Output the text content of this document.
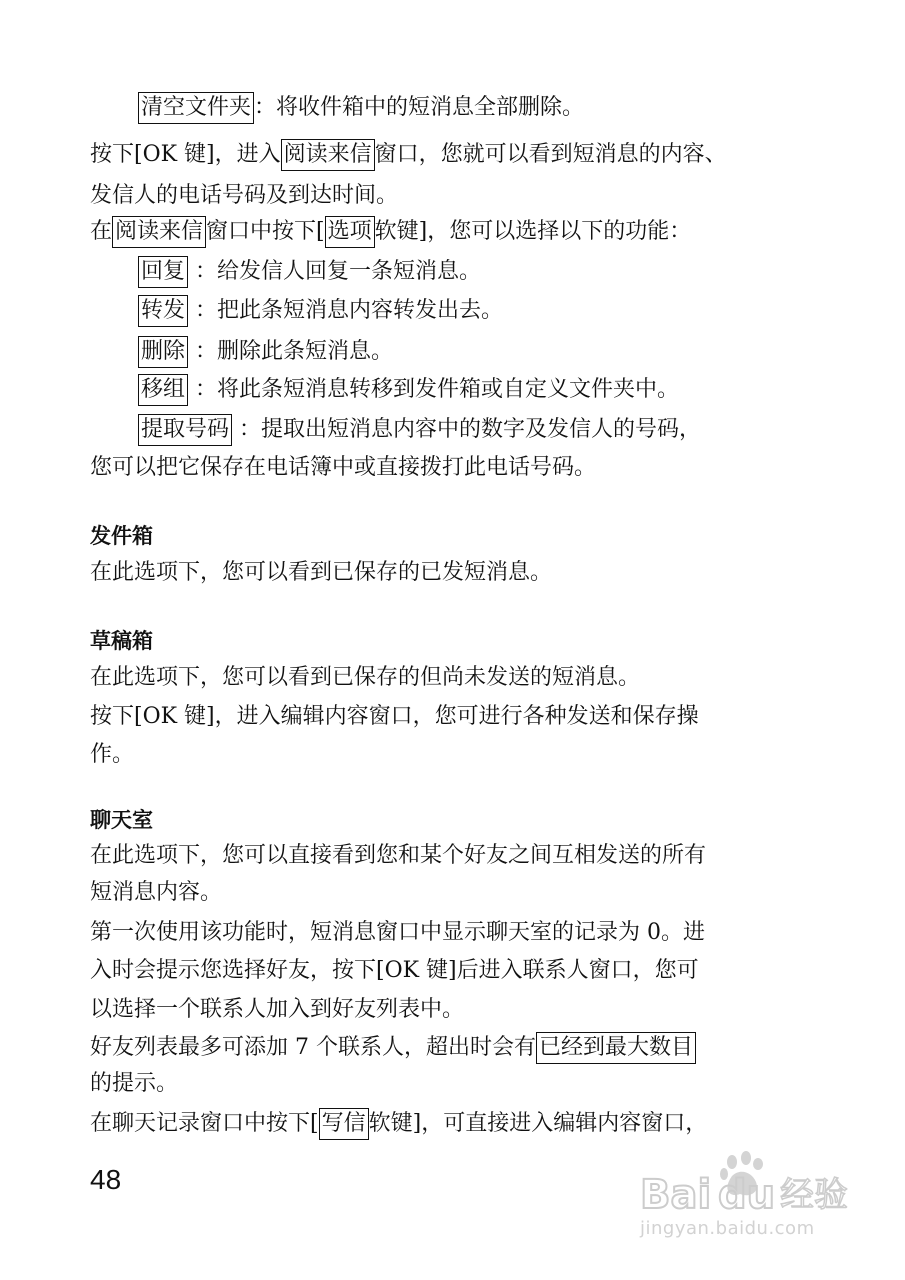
清空文件夹 ：将收件箱中的短消息全部删除。
按下[OK 键]，进入 阅读来信 窗口，您就可以看到短消息的内容、
发信人的电话号码及到达时间。
在 阅读来信 窗口中按下[ 选项 软键]，您可以选择以下的功能：
回复 ：给发信人回复一条短消息。
转发 ：把此条短消息内容转发出去。
删除 ：删除此条短消息。
移组 ：将此条短消息转移到发件箱或自定义文件夹中。
提取号码 ：提取出短消息内容中的数字及发信人的号码，
您可以把它保存在电话簿中或直接拨打此电话号码。
发件箱
在此选项下，您可以看到已保存的已发短消息。
草稿箱
在此选项下，您可以看到已保存的但尚未发送的短消息。
按下[OK 键]，进入编辑内容窗口，您可进行各种发送和保存操
作。
聊天室
在此选项下，您可以直接看到您和某个好友之间互相发送的所有
短消息内容。
第一次使用该功能时，短消息窗口中显示聊天室的记录为 0。进
入时会提示您选择好友，按下[OK 键]后进入联系人窗口，您可
以选择一个联系人加入到好友列表中。
好友列表最多可添加 7 个联系人，超出时会有 已经到最大数目
的提示。
在聊天记录窗口中按下[ 写信 软键]，可直接进入编辑内容窗口，
48	Bai du 经验
jingyan.baidu.com
